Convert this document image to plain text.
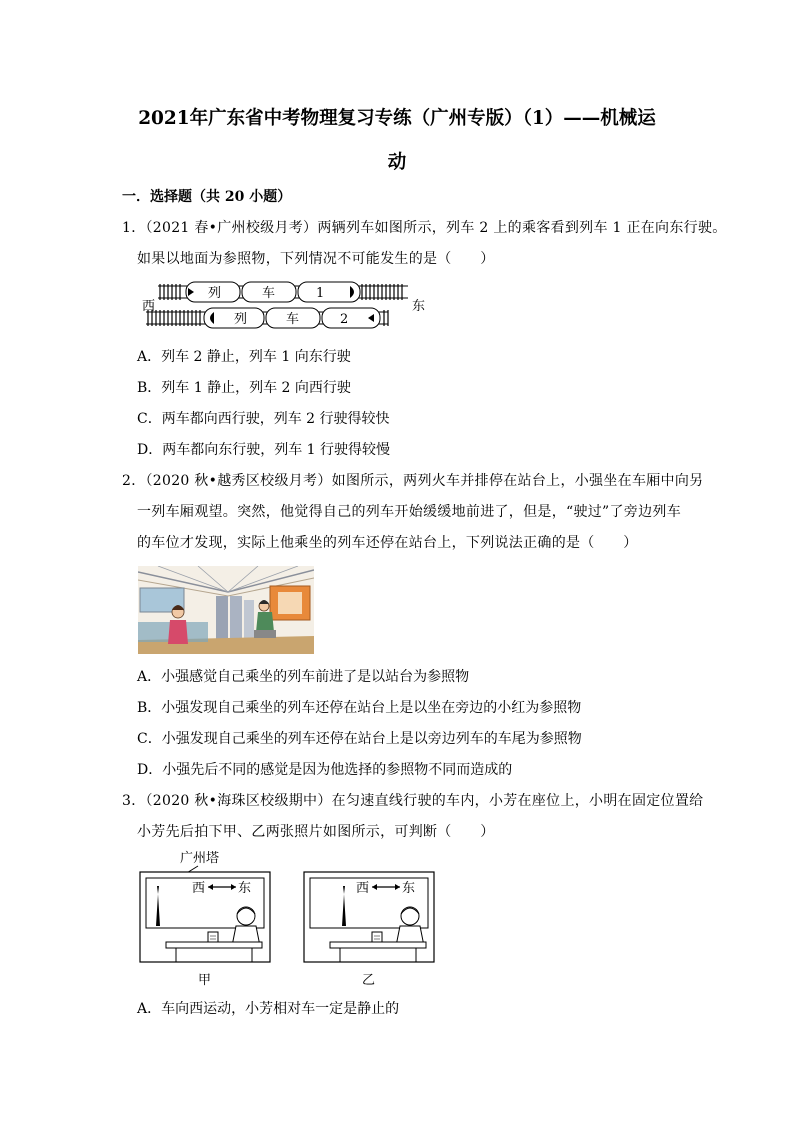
2021年广东省中考物理复习专练（广州专版）（1）——机械运
动
一．选择题（共 20 小题）
1．（2021 春•广州校级月考）两辆列车如图所示，列车 2 上的乘客看到列车 1 正在向东行驶。
如果以地面为参照物，下列情况不可能发生的是（　　）
西	东
列	车	1
列	车	2
A．列车 2 静止，列车 1 向东行驶
B．列车 1 静止，列车 2 向西行驶
C．两车都向西行驶，列车 2 行驶得较快
D．两车都向东行驶，列车 1 行驶得较慢
2．（2020 秋•越秀区校级月考）如图所示，两列火车并排停在站台上，小强坐在车厢中向另
一列车厢观望。突然，他觉得自己的列车开始缓缓地前进了，但是，“驶过”了旁边列车
的车位才发现，实际上他乘坐的列车还停在站台上，下列说法正确的是（　　）
A．小强感觉自己乘坐的列车前进了是以站台为参照物
B．小强发现自己乘坐的列车还停在站台上是以坐在旁边的小红为参照物
C．小强发现自己乘坐的列车还停在站台上是以旁边列车的车尾为参照物
D．小强先后不同的感觉是因为他选择的参照物不同而造成的
3．（2020 秋•海珠区校级期中）在匀速直线行驶的车内，小芳在座位上，小明在固定位置给
小芳先后拍下甲、乙两张照片如图所示，可判断（　　）
广州塔
西	东
甲
西	东
乙
A．车向西运动，小芳相对车一定是静止的
